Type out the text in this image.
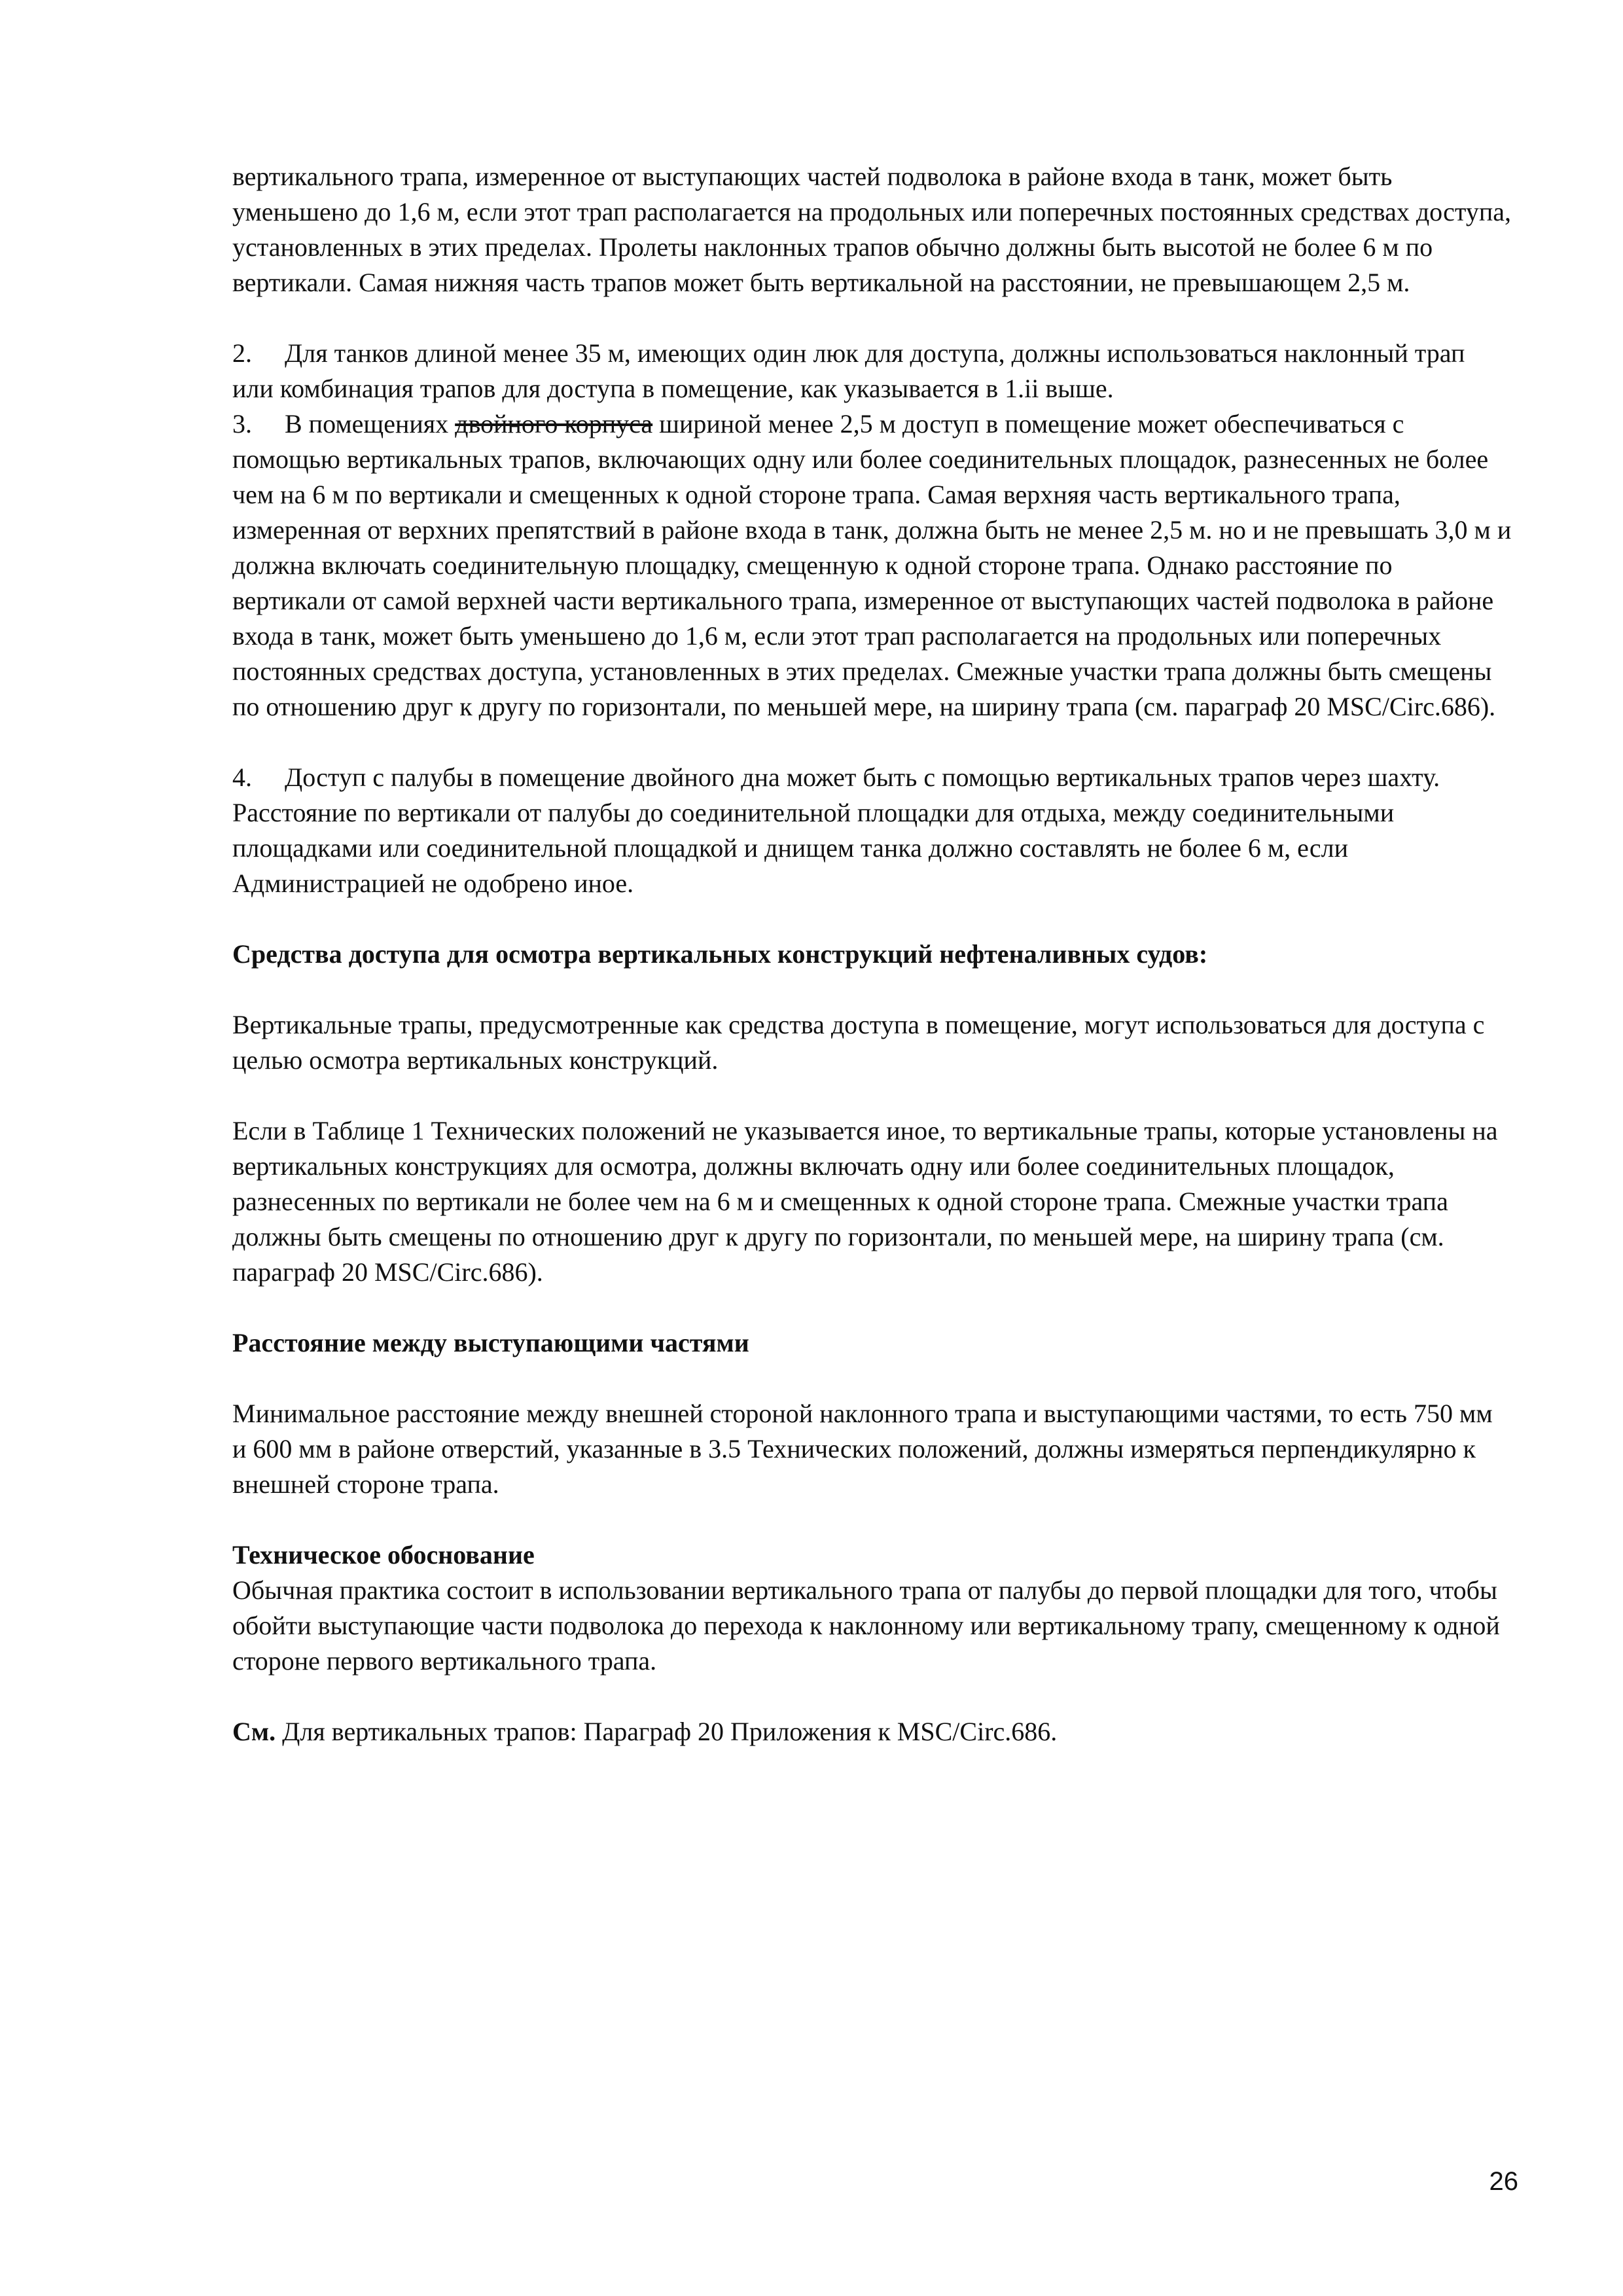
вертикального трапа, измеренное от выступающих частей подволока в районе входа в танк, может быть уменьшено до 1,6 м, если этот трап располагается на продольных или поперечных постоянных средствах доступа, установленных в этих пределах. Пролеты наклонных трапов обычно должны быть высотой не более 6 м по вертикали. Самая нижняя часть трапов может быть вертикальной на расстоянии, не превышающем 2,5 м.

2. Для танков длиной менее 35 м, имеющих один люк для доступа, должны использоваться наклонный трап или комбинация трапов для доступа в помещение, как указывается в 1.ii выше.

3. В помещениях двойного корпуса шириной менее 2,5 м доступ в помещение может обеспечиваться с помощью вертикальных трапов, включающих одну или более соединительных площадок, разнесенных не более чем на 6 м по вертикали и смещенных к одной стороне трапа. Самая верхняя часть вертикального трапа, измеренная от верхних препятствий в районе входа в танк, должна быть не менее 2,5 м. но и не превышать 3,0 м и должна включать соединительную площадку, смещенную к одной стороне трапа. Однако расстояние по вертикали от самой верхней части вертикального трапа, измеренное от выступающих частей подволока в районе входа в танк, может быть уменьшено до 1,6 м, если этот трап располагается на продольных или поперечных постоянных средствах доступа, установленных в этих пределах. Смежные участки трапа должны быть смещены по отношению друг к другу по горизонтали, по меньшей мере, на ширину трапа (см. параграф 20 MSC/Circ.686).

4. Доступ с палубы в помещение двойного дна может быть с помощью вертикальных трапов через шахту. Расстояние по вертикали от палубы до соединительной площадки для отдыха, между соединительными площадками или соединительной площадкой и днищем танка должно составлять не более 6 м, если Администрацией не одобрено иное.

Средства доступа для осмотра вертикальных конструкций нефтеналивных судов:

Вертикальные трапы, предусмотренные как средства доступа в помещение, могут использоваться для доступа с целью осмотра вертикальных конструкций.

Если в Таблице 1 Технических положений не указывается иное, то вертикальные трапы, которые установлены на вертикальных конструкциях для осмотра, должны включать одну или более соединительных площадок, разнесенных по вертикали не более чем на 6 м и смещенных к одной стороне трапа. Смежные участки трапа должны быть смещены по отношению друг к другу по горизонтали, по меньшей мере, на ширину трапа (см. параграф 20 MSC/Circ.686).

Расстояние между выступающими частями

Минимальное расстояние между внешней стороной наклонного трапа и выступающими частями, то есть 750 мм и 600 мм в районе отверстий, указанные в 3.5 Технических положений, должны измеряться перпендикулярно к внешней стороне трапа.

Техническое обоснование

Обычная практика состоит в использовании вертикального трапа от палубы до первой площадки для того, чтобы обойти выступающие части подволока до перехода к наклонному или вертикальному трапу, смещенному к одной стороне первого вертикального трапа.

См. Для вертикальных трапов: Параграф 20 Приложения к MSC/Circ.686.

26
